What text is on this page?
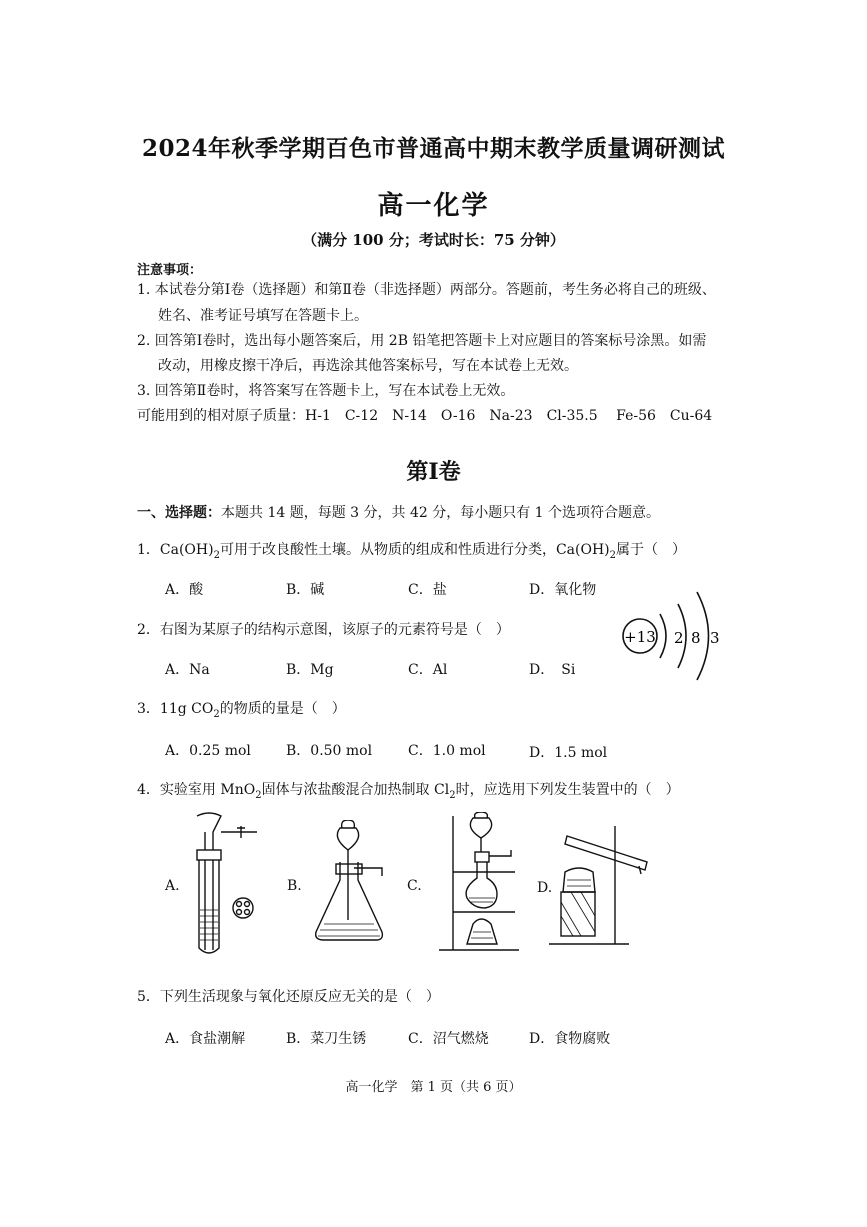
2024年秋季学期百色市普通高中期末教学质量调研测试
高一化学
（满分 100 分；考试时长：75 分钟）
注意事项：
1. 本试卷分第Ⅰ卷（选择题）和第Ⅱ卷（非选择题）两部分。答题前，考生务必将自己的班级、
姓名、准考证号填写在答题卡上。
2. 回答第Ⅰ卷时，选出每小题答案后，用 2B 铅笔把答题卡上对应题目的答案标号涂黑。如需
改动，用橡皮擦干净后，再选涂其他答案标号，写在本试卷上无效。
3. 回答第Ⅱ卷时，将答案写在答题卡上，写在本试卷上无效。
可能用到的相对原子质量：H-1　C-12　N-14　O-16　Na-23　Cl-35.5　 Fe-56　Cu-64
第Ⅰ卷
一、选择题：本题共 14 题，每题 3 分，共 42 分，每小题只有 1 个选项符合题意。
1．$Ca(OH)_2$可用于改良酸性土壤。从物质的组成和性质进行分类，$Ca(OH)_2$属于（　）
A．酸	B．碱	C．盐	D．氧化物
2．右图为某原子的结构示意图，该原子的元素符号是（　）
A．Na	B．Mg	C．Al	D．　Si
+13 2 8 3
3．11g $CO_2$的物质的量是（　）
A．0.25 mol	B．0.50 mol	C．1.0 mol	D．1.5 mol
4．实验室用 MnO$_2$固体与浓盐酸混合加热制取 $Cl_2$时，应选用下列发生装置中的（　）
A.	B.	C.	D.
5．下列生活现象与氧化还原反应无关的是（　）
A．食盐潮解	B．菜刀生锈	C．沼气燃烧	D．食物腐败
高一化学　第 1 页（共 6 页）
